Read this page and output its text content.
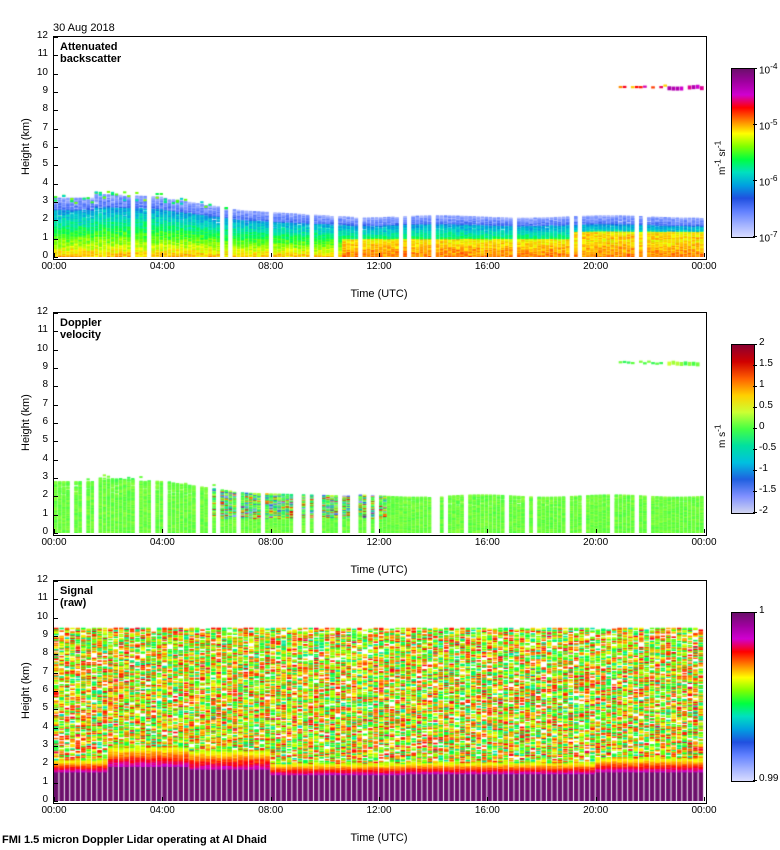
30 Aug 2018
Attenuated backscatter
Height (km)
Time (UTC)
$m^{-1}$ $sr^{-1}$
Doppler velocity
Height (km)
Time (UTC)
m $s^{-1}$
Signal (raw)
Height (km)
Time (UTC)
FMI 1.5 micron Doppler Lidar operating at Al Dhaid
0
1
2
3
4
5
6
7
8
9
10
11
12
00:00	04:00	08:00	12:00	16:00	20:00	00:00
0
1
2
3
4
5
6
7
8
9
10
11
12
00:00	04:00	08:00	12:00	16:00	20:00	00:00
0
1
2
3
4
5
6
7
8
9
10
11
12
00:00	04:00	08:00	12:00	16:00	20:00	00:00
$10^{-4}$
$10^{-5}$
$10^{-6}$
$10^{-7}$
2
1.5
1
0.5
0
-0.5
-1
-1.5
-2
1
0.99
